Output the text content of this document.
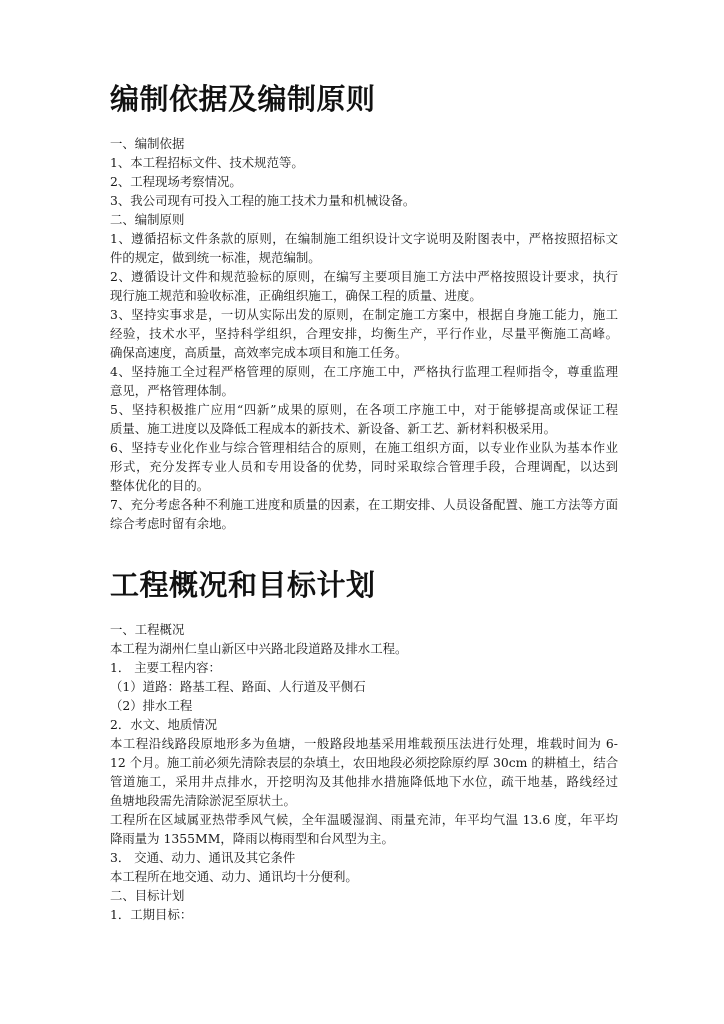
编制依据及编制原则
一、编制依据
1、本工程招标文件、技术规范等。
2、工程现场考察情况。
3、我公司现有可投入工程的施工技术力量和机械设备。
二、编制原则
1、遵循招标文件条款的原则，在编制施工组织设计文字说明及附图表中，严格按照招标文
件的规定，做到统一标准，规范编制。
2、遵循设计文件和规范验标的原则，在编写主要项目施工方法中严格按照设计要求，执行
现行施工规范和验收标准，正确组织施工，确保工程的质量、进度。
3、坚持实事求是，一切从实际出发的原则，在制定施工方案中，根据自身施工能力，施工
经验，技术水平，坚持科学组织，合理安排，均衡生产，平行作业，尽量平衡施工高峰。
确保高速度，高质量，高效率完成本项目和施工任务。
4、坚持施工全过程严格管理的原则，在工序施工中，严格执行监理工程师指令，尊重监理
意见，严格管理体制。
5、坚持积极推广应用“四新”成果的原则，在各项工序施工中，对于能够提高或保证工程
质量、施工进度以及降低工程成本的新技术、新设备、新工艺、新材料积极采用。
6、坚持专业化作业与综合管理相结合的原则，在施工组织方面，以专业作业队为基本作业
形式，充分发挥专业人员和专用设备的优势，同时采取综合管理手段，合理调配，以达到
整体优化的目的。
7、充分考虑各种不利施工进度和质量的因素，在工期安排、人员设备配置、施工方法等方面
综合考虑时留有余地。
工程概况和目标计划
一、工程概况
本工程为湖州仁皇山新区中兴路北段道路及排水工程。
1． 主要工程内容：
（1）道路：路基工程、路面、人行道及平侧石
（2）排水工程
2．水文、地质情况
本工程沿线路段原地形多为鱼塘，一般路段地基采用堆载预压法进行处理，堆载时间为 6-
12 个月。施工前必须先清除表层的杂填土，农田地段必须挖除原约厚 30cm 的耕植土，结合
管道施工，采用井点排水，开挖明沟及其他排水措施降低地下水位，疏干地基，路线经过
鱼塘地段需先清除淤泥至原状土。
工程所在区域属亚热带季风气候，全年温暖湿润、雨量充沛，年平均气温 13.6 度，年平均
降雨量为 1355MM，降雨以梅雨型和台风型为主。
3． 交通、动力、通讯及其它条件
本工程所在地交通、动力、通讯均十分便利。
二、目标计划
1．工期目标：
